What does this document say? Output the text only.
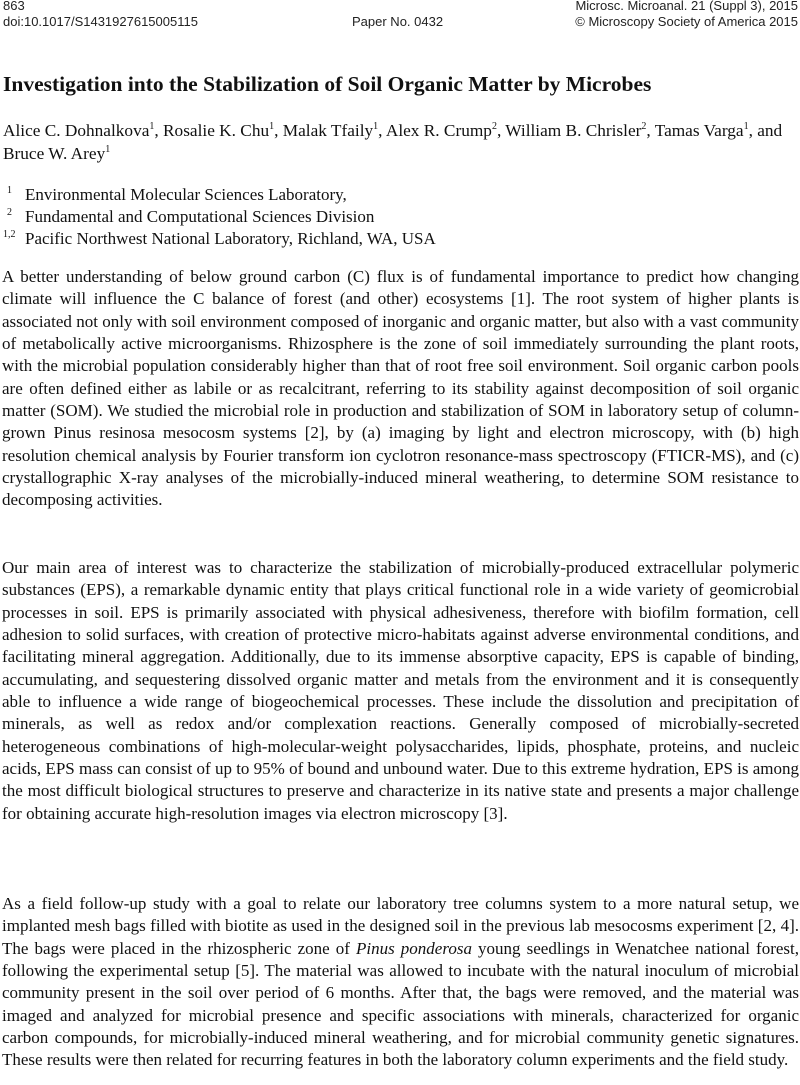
863	Microsc. Microanal. 21 (Suppl 3), 2015
doi:10.1017/S1431927615005115	Paper No. 0432	© Microscopy Society of America 2015
Investigation into the Stabilization of Soil Organic Matter by Microbes
Alice C. Dohnalkova$^1$, Rosalie K. Chu$^1$, Malak Tfaily$^1$, Alex R. Crump$^2$, William B. Chrisler$^2$, Tamas Varga$^1$, and Bruce W. Arey$^1$
1 Environmental Molecular Sciences Laboratory,
2 Fundamental and Computational Sciences Division
1,2 Pacific Northwest National Laboratory, Richland, WA, USA

A better understanding of below ground carbon (C) flux is of fundamental importance to predict how changing climate will influence the C balance of forest (and other) ecosystems [1]. The root system of higher plants is associated not only with soil environment composed of inorganic and organic matter, but also with a vast community of metabolically active microorganisms. Rhizosphere is the zone of soil immediately surrounding the plant roots, with the microbial population considerably higher than that of root free soil environment. Soil organic carbon pools are often defined either as labile or as recalcitrant, referring to its stability against decomposition of soil organic matter (SOM). We studied the microbial role in production and stabilization of SOM in laboratory setup of column-grown Pinus resinosa mesocosm systems [2], by (a) imaging by light and electron microscopy, with (b) high resolution chemical analysis by Fourier transform ion cyclotron resonance-mass spectroscopy (FTICR-MS), and (c) crystallographic X-ray analyses of the microbially-induced mineral weathering, to determine SOM resistance to decomposing activities.

Our main area of interest was to characterize the stabilization of microbially-produced extracellular polymeric substances (EPS), a remarkable dynamic entity that plays critical functional role in a wide variety of geomicrobial processes in soil. EPS is primarily associated with physical adhesiveness, therefore with biofilm formation, cell adhesion to solid surfaces, with creation of protective micro-habitats against adverse environmental conditions, and facilitating mineral aggregation. Additionally, due to its immense absorptive capacity, EPS is capable of binding, accumulating, and sequestering dissolved organic matter and metals from the environment and it is consequently able to influence a wide range of biogeochemical processes. These include the dissolution and precipitation of minerals, as well as redox and/or complexation reactions. Generally composed of microbially-secreted heterogeneous combinations of high-molecular-weight polysaccharides, lipids, phosphate, proteins, and nucleic acids, EPS mass can consist of up to 95% of bound and unbound water. Due to this extreme hydration, EPS is among the most difficult biological structures to preserve and characterize in its native state and presents a major challenge for obtaining accurate high-resolution images via electron microscopy [3].

As a field follow-up study with a goal to relate our laboratory tree columns system to a more natural setup, we implanted mesh bags filled with biotite as used in the designed soil in the previous lab mesocosms experiment [2, 4]. The bags were placed in the rhizospheric zone of Pinus ponderosa young seedlings in Wenatchee national forest, following the experimental setup [5]. The material was allowed to incubate with the natural inoculum of microbial community present in the soil over period of 6 months. After that, the bags were removed, and the material was imaged and analyzed for microbial presence and specific associations with minerals, characterized for organic carbon compounds, for microbially-induced mineral weathering, and for microbial community genetic signatures. These results were then related for recurring features in both the laboratory column experiments and the field study.
